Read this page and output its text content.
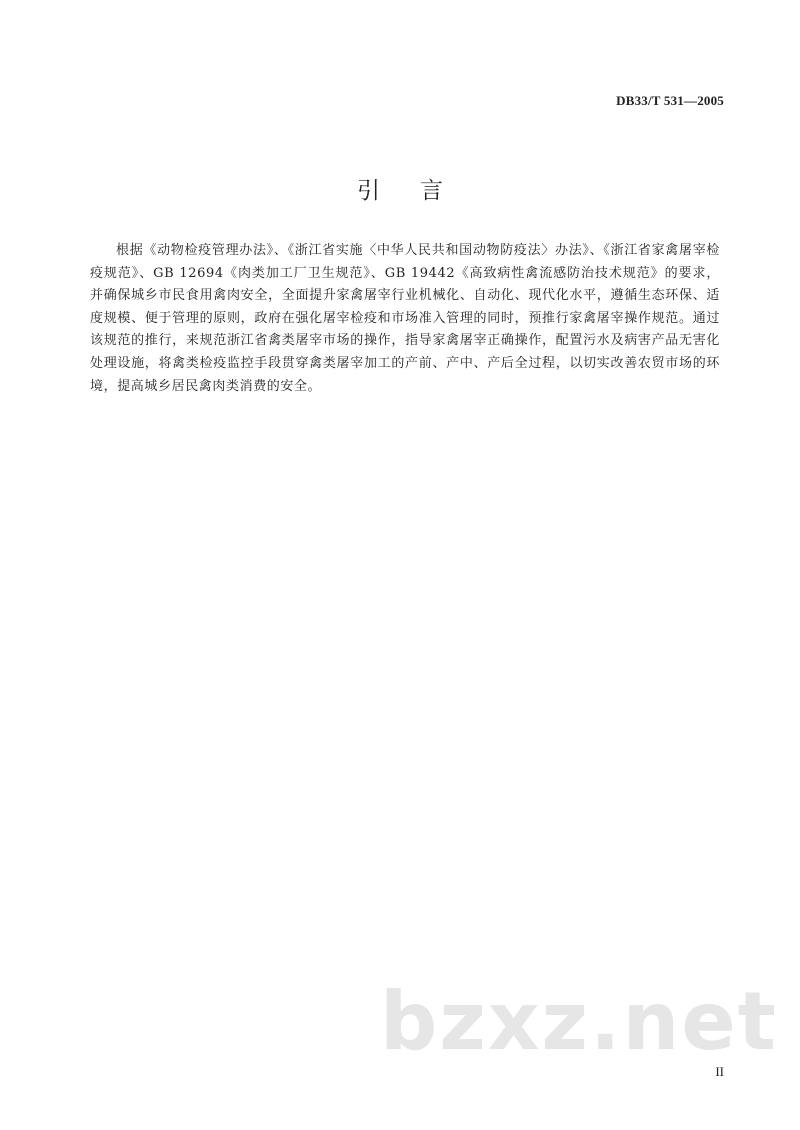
DB33/T 531—2005
引言

根据《动物检疫管理办法》、《浙江省实施〈中华人民共和国动物防疫法〉办法》、《浙江省家禽屠宰检疫规范》、GB 12694《肉类加工厂卫生规范》、GB 19442《高致病性禽流感防治技术规范》的要求，并确保城乡市民食用禽肉安全，全面提升家禽屠宰行业机械化、自动化、现代化水平，遵循生态环保、适度规模、便于管理的原则，政府在强化屠宰检疫和市场准入管理的同时，预推行家禽屠宰操作规范。通过该规范的推行，来规范浙江省禽类屠宰市场的操作，指导家禽屠宰正确操作，配置污水及病害产品无害化处理设施，将禽类检疫监控手段贯穿禽类屠宰加工的产前、产中、产后全过程，以切实改善农贸市场的环境，提高城乡居民禽肉类消费的安全。

bzxz.net
II
